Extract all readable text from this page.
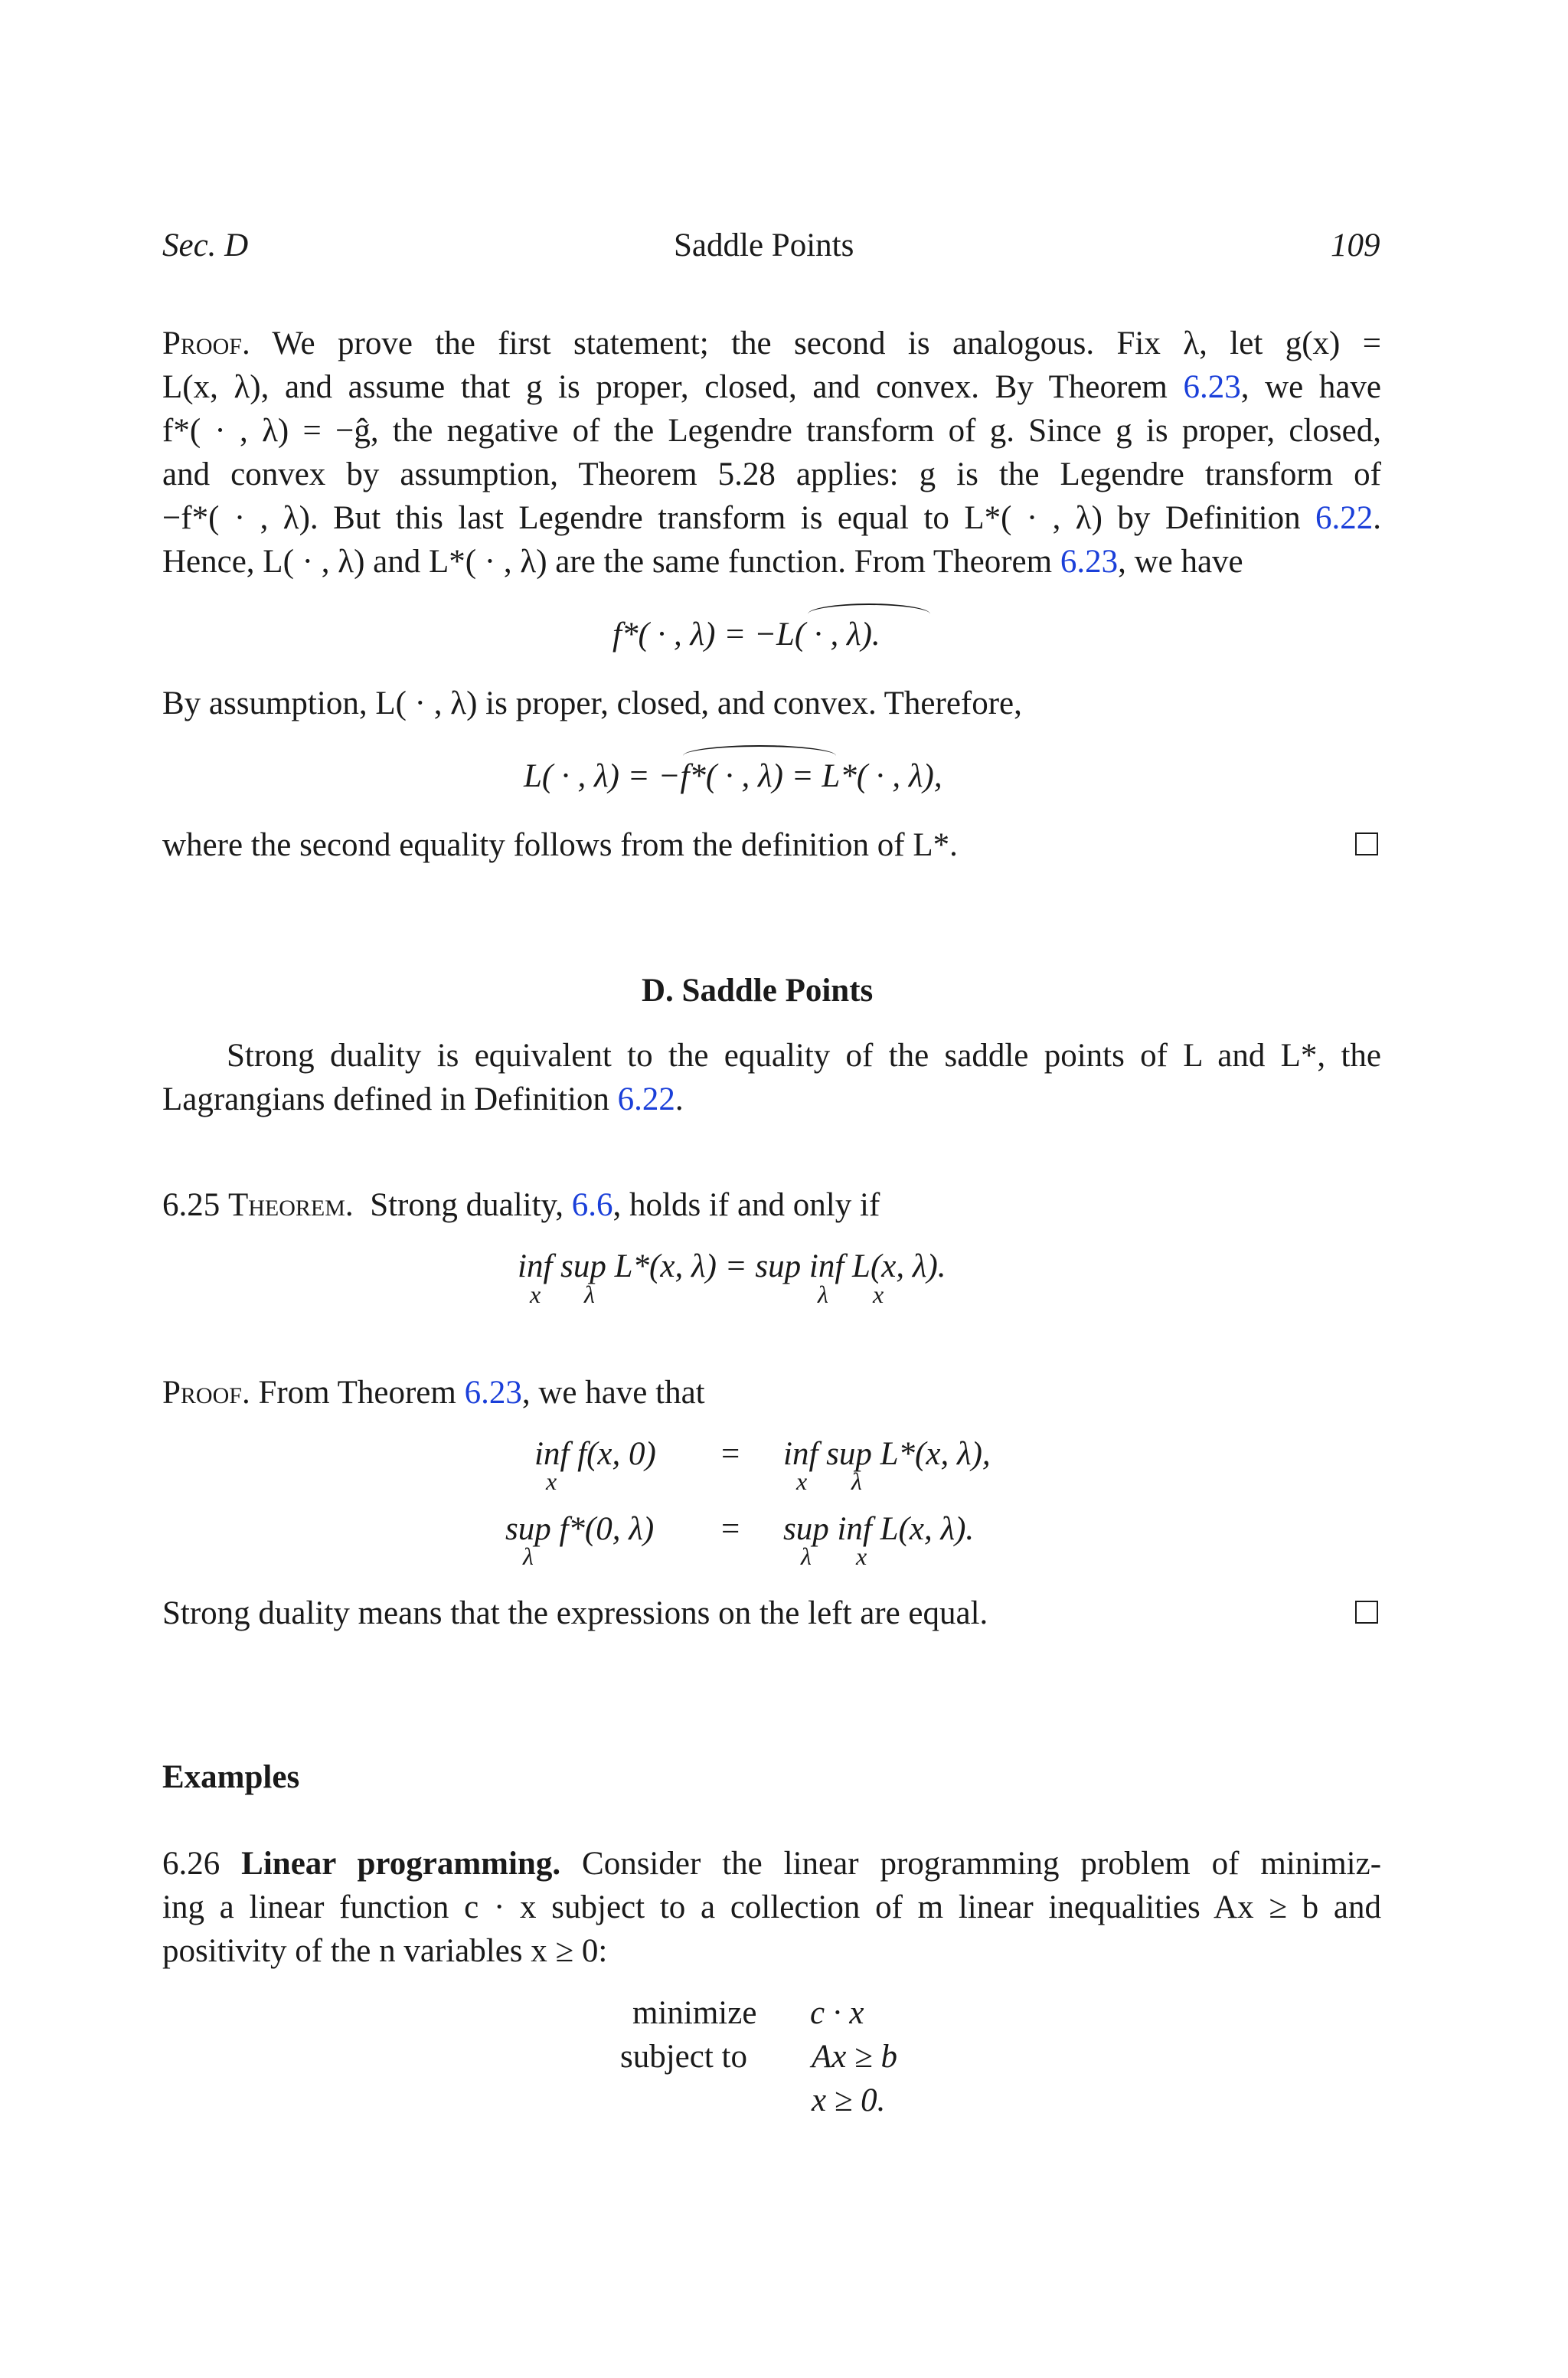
Sec. D	Saddle Points	109
Proof. We prove the first statement; the second is analogous. Fix λ, let g(x) =
L(x, λ), and assume that g is proper, closed, and convex. By Theorem 6.23, we have
f*( · , λ) = −ĝ, the negative of the Legendre transform of g. Since g is proper, closed,
and convex by assumption, Theorem 5.28 applies: g is the Legendre transform of
−f*( · , λ). But this last Legendre transform is equal to L*( · , λ) by Definition 6.22.
Hence, L( · , λ) and L*( · , λ) are the same function. From Theorem 6.23, we have
f*( · , λ) = −L( · , λ).
By assumption, L( · , λ) is proper, closed, and convex. Therefore,
L( · , λ) = −f*( · , λ) = L*( · , λ),
where the second equality follows from the definition of L*.
D. Saddle Points
Strong duality is equivalent to the equality of the saddle points of L and L*, the
Lagrangians defined in Definition 6.22.
6.25 Theorem. Strong duality, 6.6, holds if and only if
inf sup L*(x, λ) = sup inf L(x, λ).
x λ	λ x
Proof. From Theorem 6.23, we have that
inf f(x, 0) = inf sup L*(x, λ),
x	x λ
sup f*(0, λ) = sup inf L(x, λ).
λ	λ x
Strong duality means that the expressions on the left are equal.
Examples
6.26 Linear programming. Consider the linear programming problem of minimiz-
ing a linear function c · x subject to a collection of m linear inequalities Ax ≥ b and
positivity of the n variables x ≥ 0:
minimize c · x
subject to Ax ≥ b
x ≥ 0.
